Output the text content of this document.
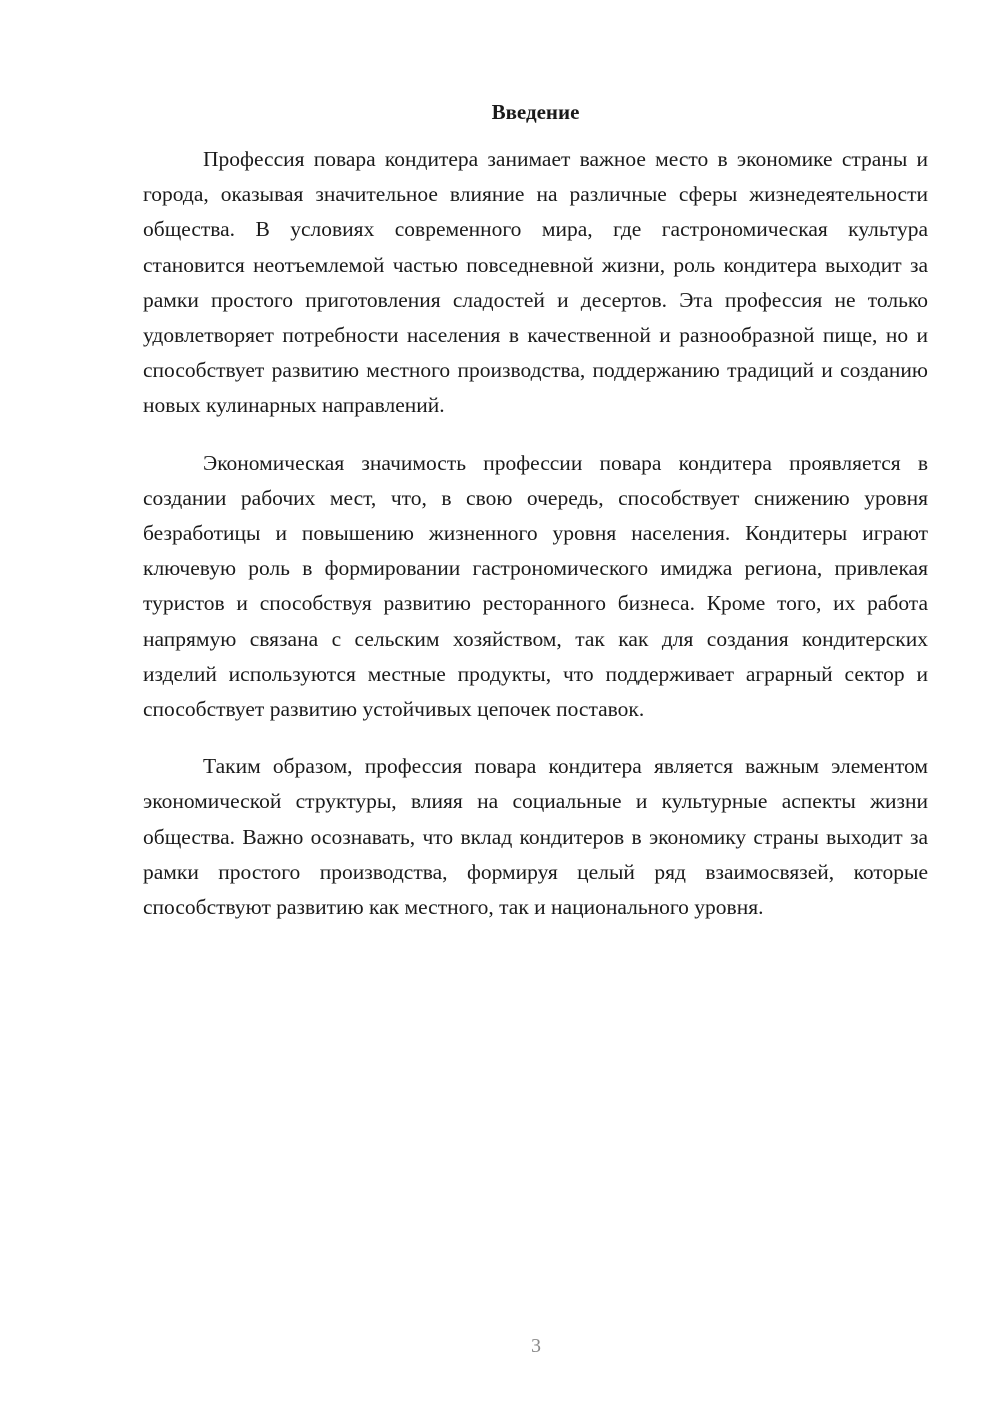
Введение

Профессия повара кондитера занимает важное место в экономике страны и города, оказывая значительное влияние на различные сферы жизнедеятельности общества. В условиях современного мира, где гастрономическая культура становится неотъемлемой частью повседневной жизни, роль кондитера выходит за рамки простого приготовления сладостей и десертов. Эта профессия не только удовлетворяет потребности населения в качественной и разнообразной пище, но и способствует развитию местного производства, поддержанию традиций и созданию новых кулинарных направлений.

Экономическая значимость профессии повара кондитера проявляется в создании рабочих мест, что, в свою очередь, способствует снижению уровня безработицы и повышению жизненного уровня населения. Кондитеры играют ключевую роль в формировании гастрономического имиджа региона, привлекая туристов и способствуя развитию ресторанного бизнеса. Кроме того, их работа напрямую связана с сельским хозяйством, так как для создания кондитерских изделий используются местные продукты, что поддерживает аграрный сектор и способствует развитию устойчивых цепочек поставок.

Таким образом, профессия повара кондитера является важным элементом экономической структуры, влияя на социальные и культурные аспекты жизни общества. Важно осознавать, что вклад кондитеров в экономику страны выходит за рамки простого производства, формируя целый ряд взаимосвязей, которые способствуют развитию как местного, так и национального уровня.

3
